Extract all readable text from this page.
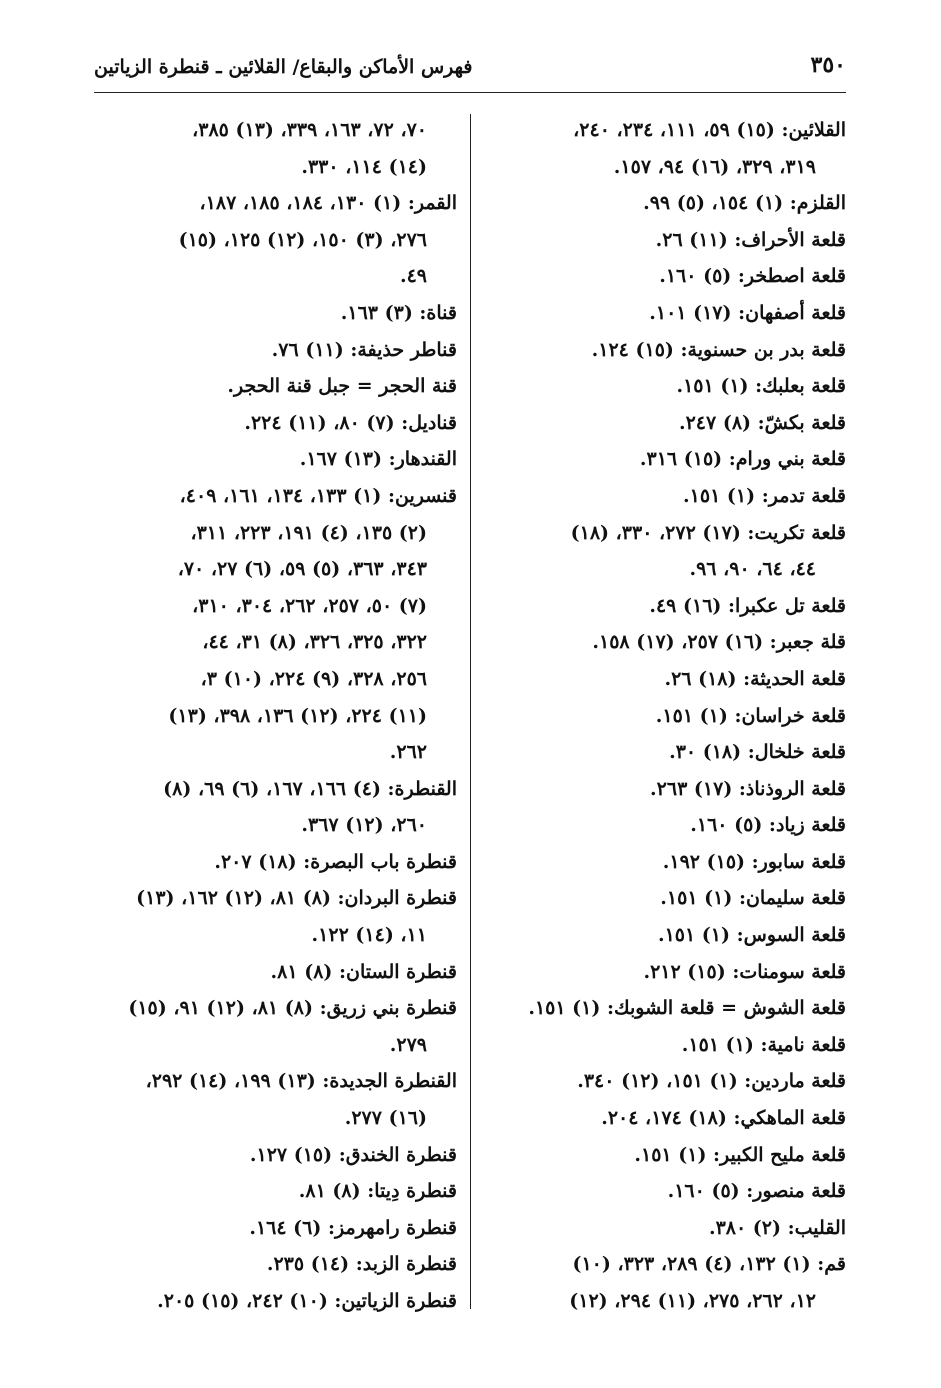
٣٥٠
فهرس الأماكن والبقاع/ القلائين ـ قنطرة الزياتين

القلائين: (١٥) ٥٩، ١١١، ٢٣٤، ٢٤٠،
٣١٩، ٣٢٩، (١٦) ٩٤، ١٥٧.

القلزم: (١) ١٥٤، (٥) ٩٩.

قلعة الأحراف: (١١) ٢٦.

قلعة اصطخر: (٥) ١٦٠.

قلعة أصفهان: (١٧) ١٠١.

قلعة بدر بن حسنوية: (١٥) ١٢٤.

قلعة بعلبك: (١) ١٥١.

قلعة بكشّ: (٨) ٢٤٧.

قلعة بني ورام: (١٥) ٣١٦.

قلعة تدمر: (١) ١٥١.

قلعة تكريت: (١٧) ٢٧٢، ٣٣٠، (١٨)
٤٤، ٦٤، ٩٠، ٩٦.

قلعة تل عكبرا: (١٦) ٤٩.

قلة جعبر: (١٦) ٢٥٧، (١٧) ١٥٨.

قلعة الحديثة: (١٨) ٢٦.

قلعة خراسان: (١) ١٥١.

قلعة خلخال: (١٨) ٣٠.

قلعة الروذناذ: (١٧) ٢٦٣.

قلعة زياد: (٥) ١٦٠.

قلعة سابور: (١٥) ١٩٢.

قلعة سليمان: (١) ١٥١.

قلعة السوس: (١) ١٥١.

قلعة سومنات: (١٥) ٢١٢.

قلعة الشوش = قلعة الشوبك: (١) ١٥١.

قلعة نامية: (١) ١٥١.

قلعة ماردين: (١) ١٥١، (١٢) ٣٤٠.

قلعة الماهكي: (١٨) ١٧٤، ٢٠٤.

قلعة مليح الكبير: (١) ١٥١.

قلعة منصور: (٥) ١٦٠.

القليب: (٢) ٣٨٠.

قم: (١) ١٣٢، (٤) ٢٨٩، ٣٢٣، (١٠)
١٢، ٢٦٢، ٢٧٥، (١١) ٢٩٤، (١٢)

٧٠، ٧٢، ١٦٣، ٣٣٩، (١٣) ٣٨٥،
(١٤) ١١٤، ٣٣٠.

القمر: (١) ١٣٠، ١٨٤، ١٨٥، ١٨٧،
٢٧٦، (٣) ١٥٠، (١٢) ١٢٥، (١٥)
٤٩.

قناة: (٣) ١٦٣.

قناطر حذيفة: (١١) ٧٦.

قنة الحجر = جبل قنة الحجر.

قناديل: (٧) ٨٠، (١١) ٢٢٤.

القندهار: (١٣) ١٦٧.

قنسرين: (١) ١٣٣، ١٣٤، ١٦١، ٤٠٩،
(٢) ١٣٥، (٤) ١٩١، ٢٢٣، ٣١١،
٣٤٣، ٣٦٣، (٥) ٥٩، (٦) ٢٧، ٧٠،
(٧) ٥٠، ٢٥٧، ٢٦٢، ٣٠٤، ٣١٠،
٣٢٢، ٣٢٥، ٣٢٦، (٨) ٣١، ٤٤،
٢٥٦، ٣٢٨، (٩) ٢٢٤، (١٠) ٣،
(١١) ٢٢٤، (١٢) ١٣٦، ٣٩٨، (١٣)
٢٦٢.

القنطرة: (٤) ١٦٦، ١٦٧، (٦) ٦٩، (٨)
٢٦٠، (١٢) ٣٦٧.

قنطرة باب البصرة: (١٨) ٢٠٧.

قنطرة البردان: (٨) ٨١، (١٢) ١٦٢، (١٣)
١١، (١٤) ١٢٢.

قنطرة الستان: (٨) ٨١.

قنطرة بني زريق: (٨) ٨١، (١٢) ٩١، (١٥)
٢٧٩.

القنطرة الجديدة: (١٣) ١٩٩، (١٤) ٢٩٢،
(١٦) ٢٧٧.

قنطرة الخندق: (١٥) ١٢٧.

قنطرة دِيتا: (٨) ٨١.

قنطرة رامهرمز: (٦) ١٦٤.

قنطرة الزبد: (١٤) ٢٣٥.

قنطرة الزياتين: (١٠) ٢٤٢، (١٥) ٢٠٥.
